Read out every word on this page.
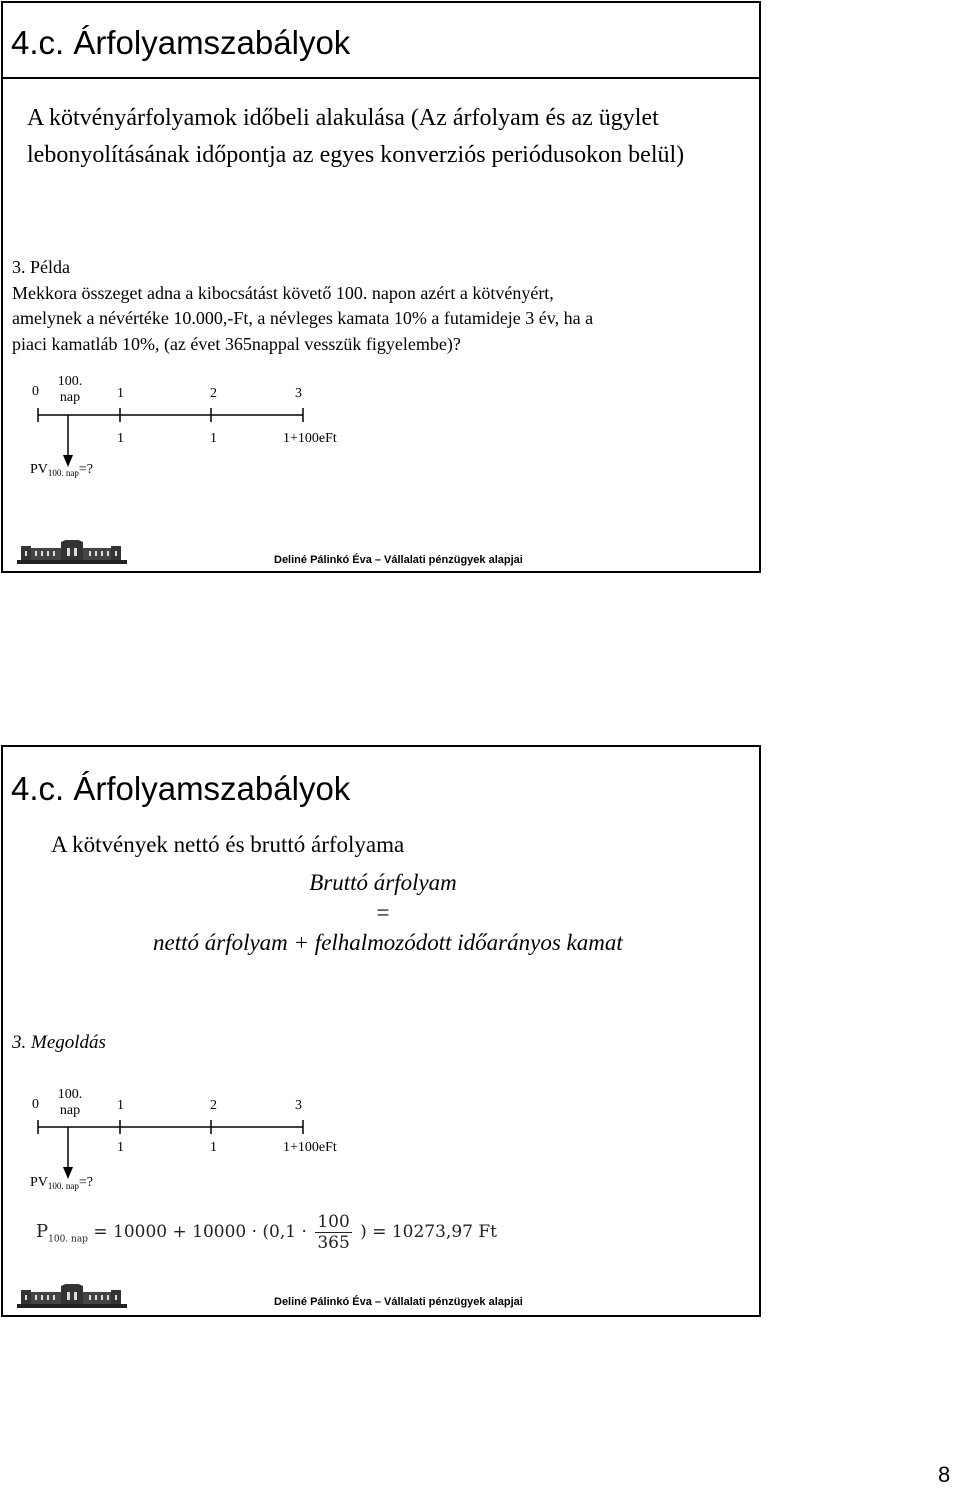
4.c. Árfolyamszabályok
A kötvényárfolyamok időbeli alakulása (Az árfolyam és az ügylet lebonyolításának időpontja az egyes konverziós periódusokon belül)
3. Példa
Mekkora összeget adna a kibocsátást követő 100. napon azért a kötvényért,
amelynek a névértéke 10.000,-Ft, a névleges kamata 10% a futamideje 3 év, ha a
piaci kamatláb 10%, (az évet 365nappal vesszük figyelembe)?
0
100.
nap	1	2	3
1	1	1+100eFt
$PV_{100. nap}=$?
Deliné Pálinkó Éva – Vállalati pénzügyek alapjai
4.c. Árfolyamszabályok
A kötvények nettó és bruttó árfolyama
Bruttó árfolyam
=
nettó árfolyam + felhalmozódott időarányos kamat
3. Megoldás
0
100.
nap	1	2	3
1	1	1+100eFt
$PV_{100. nap}=$?
$P_{100. nap} = 10000 + 10000 \cdot (0,1 \cdot \frac{100}{365}$ ) = 10273,97 Ft
Deliné Pálinkó Éva – Vállalati pénzügyek alapjai
8
